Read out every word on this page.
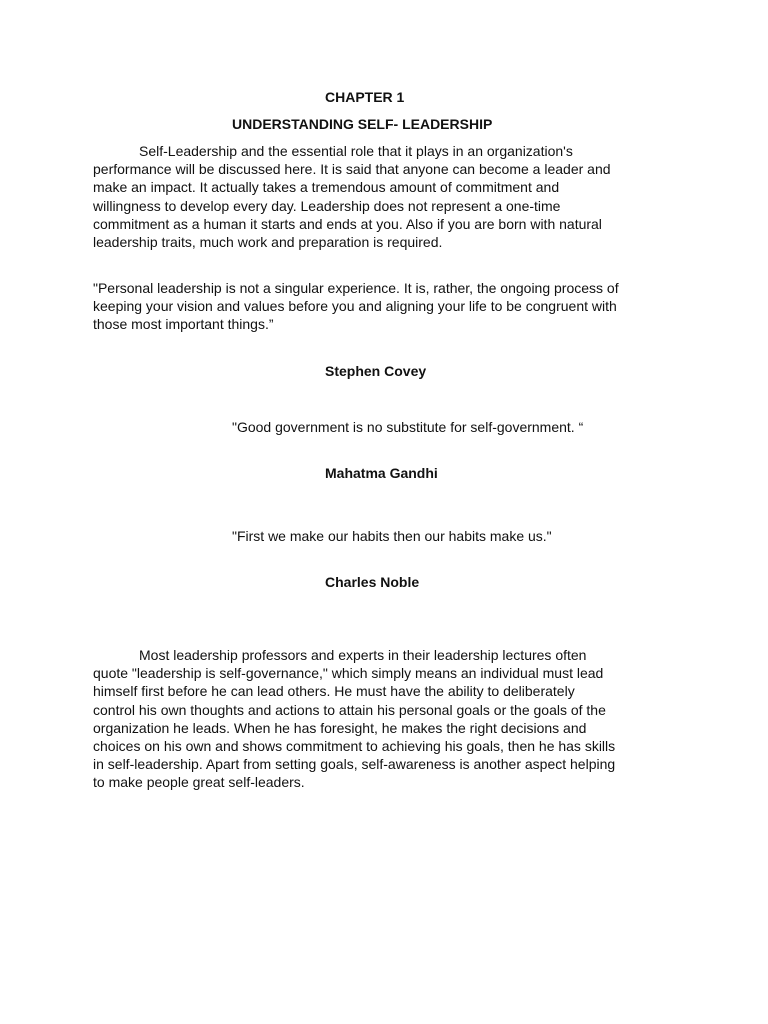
CHAPTER 1
UNDERSTANDING SELF- LEADERSHIP
Self-Leadership and the essential role that it plays in an organization's
performance will be discussed here. It is said that anyone can become a leader and
make an impact. It actually takes a tremendous amount of commitment and
willingness to develop every day. Leadership does not represent a one-time
commitment as a human it starts and ends at you. Also if you are born with natural
leadership traits, much work and preparation is required.
"Personal leadership is not a singular experience. It is, rather, the ongoing process of
keeping your vision and values before you and aligning your life to be congruent with
those most important things.”
Stephen Covey

"Good government is no substitute for self-government. “

Mahatma Gandhi

"First we make our habits then our habits make us."

Charles Noble
Most leadership professors and experts in their leadership lectures often
quote "leadership is self-governance," which simply means an individual must lead
himself first before he can lead others. He must have the ability to deliberately
control his own thoughts and actions to attain his personal goals or the goals of the
organization he leads. When he has foresight, he makes the right decisions and
choices on his own and shows commitment to achieving his goals, then he has skills
in self-leadership. Apart from setting goals, self-awareness is another aspect helping
to make people great self-leaders.
